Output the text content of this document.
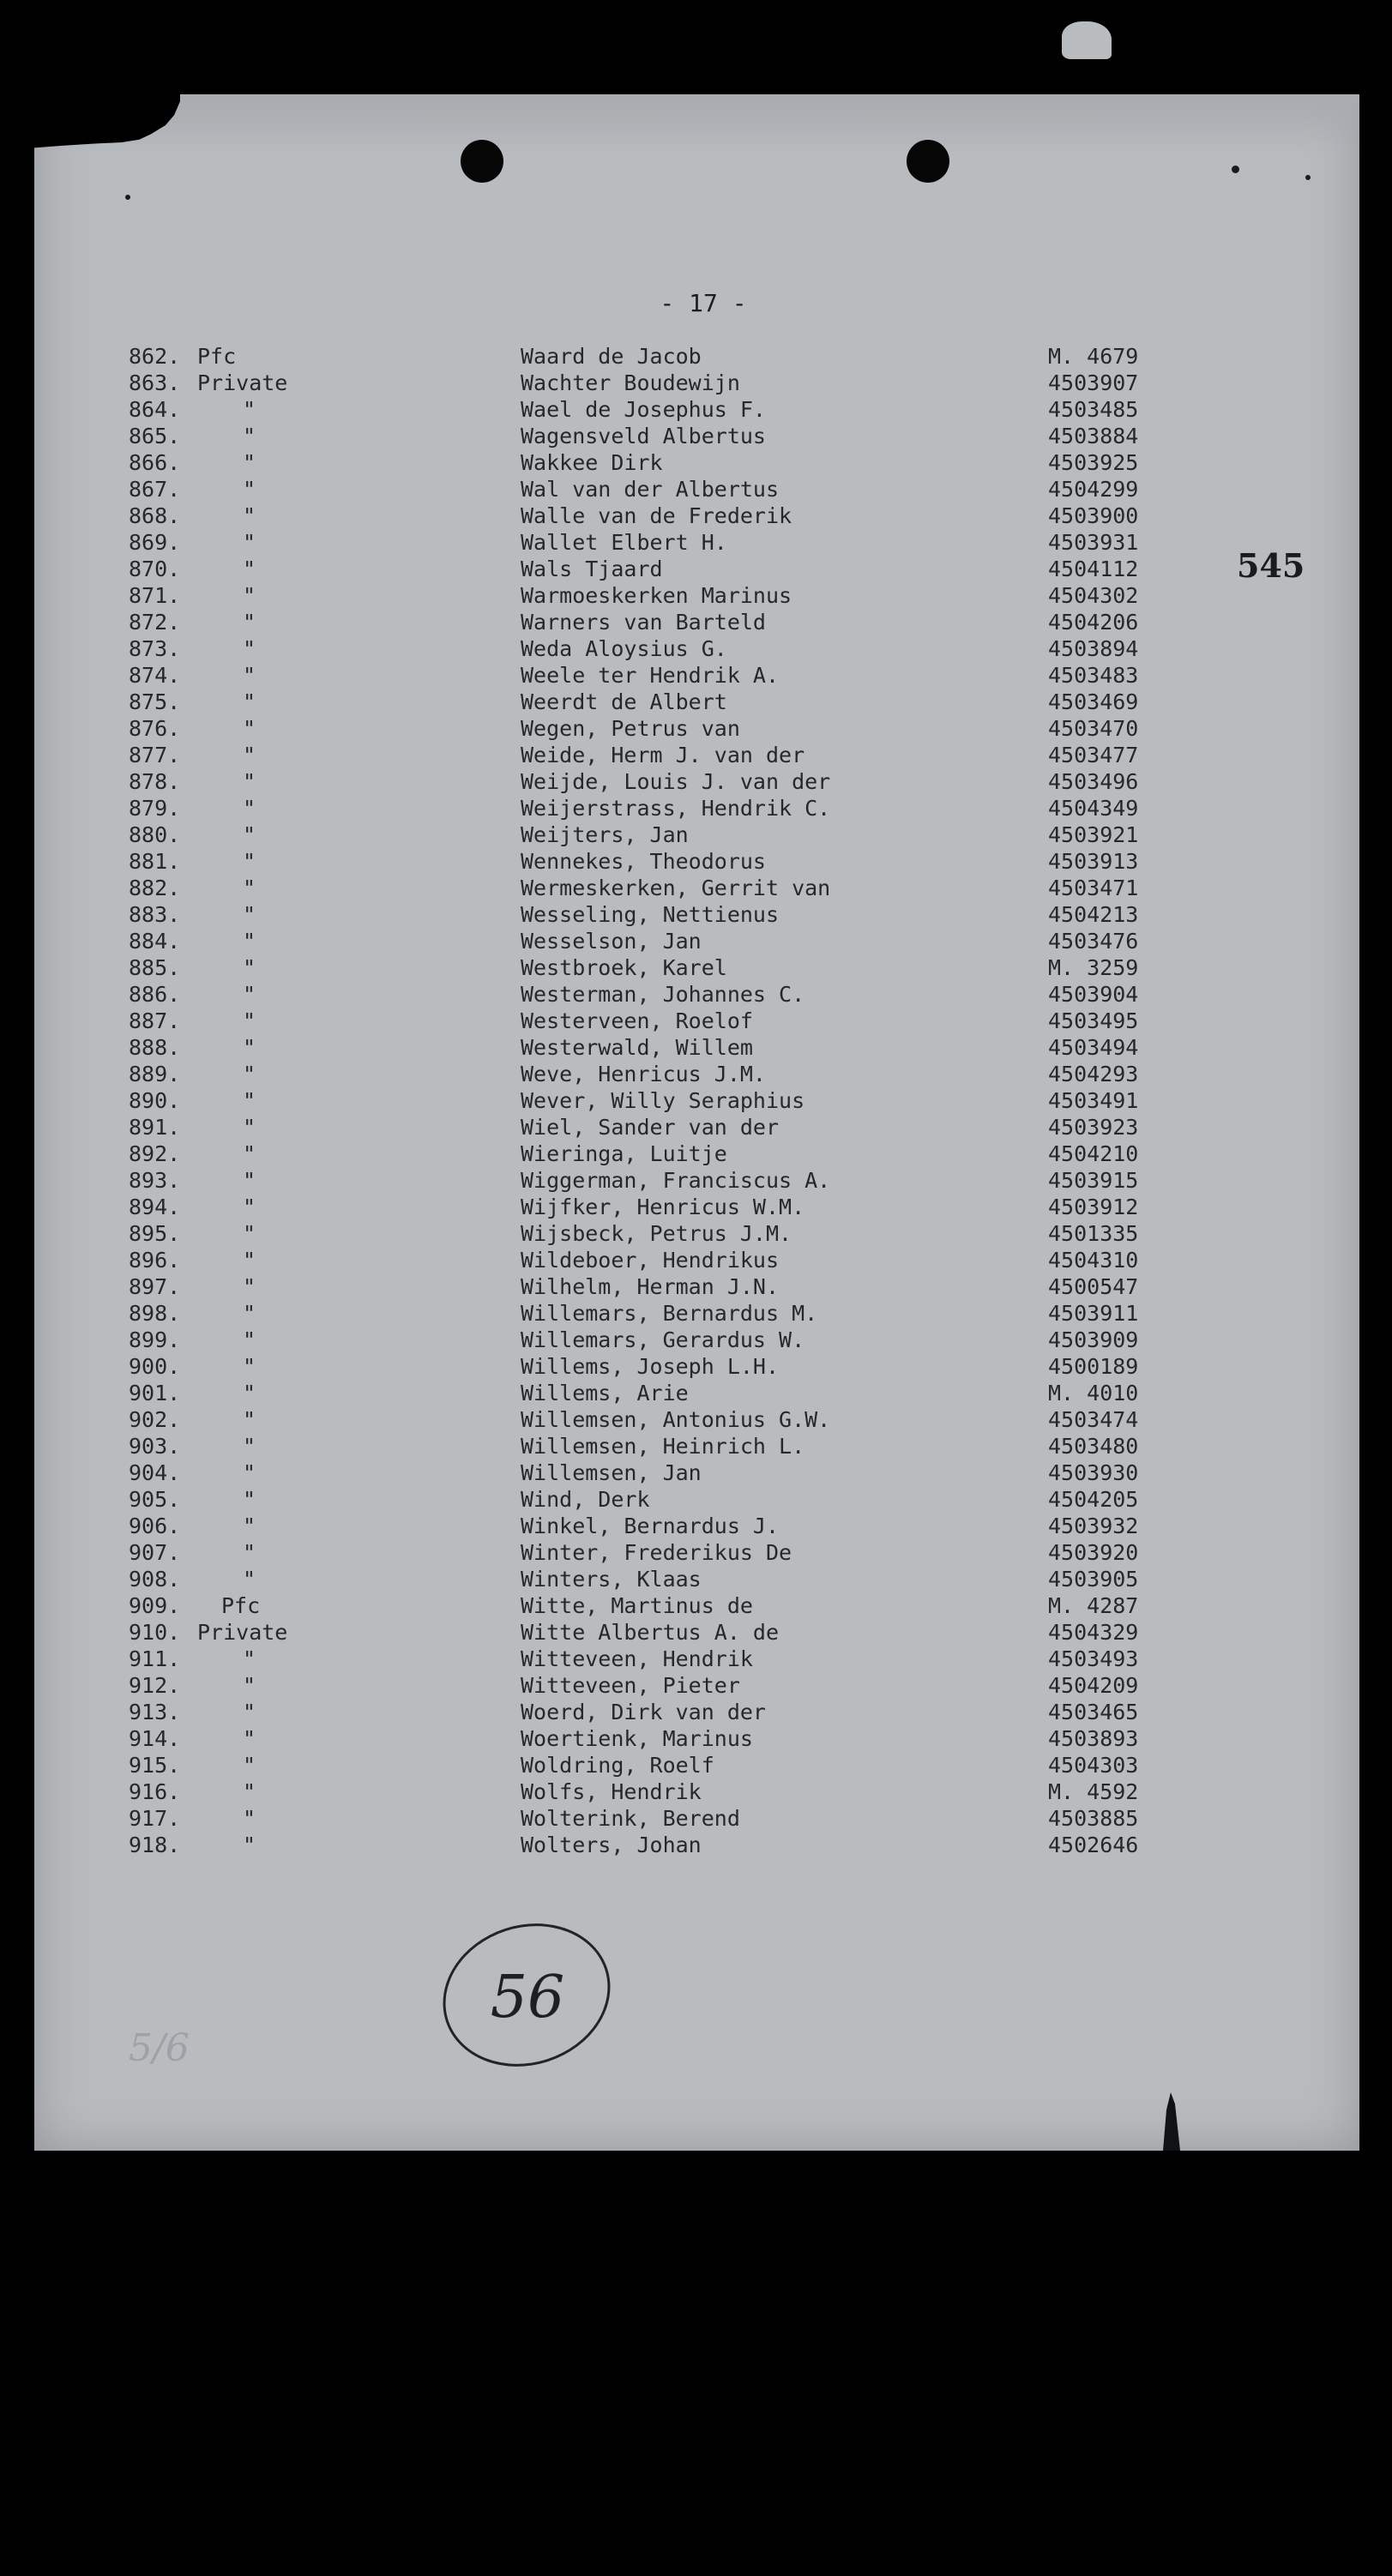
- 17 -
545
862. Pfc	Waard de Jacob	M. 4679
863. Private	Wachter Boudewijn	4503907
864.	"	Wael de Josephus F.	4503485
865.	"	Wagensveld Albertus	4503884
866.	"	Wakkee Dirk	4503925
867.	"	Wal van der Albertus	4504299
868.	"	Walle van de Frederik	4503900
869.	"	Wallet Elbert H.	4503931
870.	"	Wals Tjaard	4504112
871.	"	Warmoeskerken Marinus	4504302
872.	"	Warners van Barteld	4504206
873.	"	Weda Aloysius G.	4503894
874.	"	Weele ter Hendrik A.	4503483
875.	"	Weerdt de Albert	4503469
876.	"	Wegen, Petrus van	4503470
877.	"	Weide, Herm J. van der	4503477
878.	"	Weijde, Louis J. van der	4503496
879.	"	Weijerstrass, Hendrik C.	4504349
880.	"	Weijters, Jan	4503921
881.	"	Wennekes, Theodorus	4503913
882.	"	Wermeskerken, Gerrit van	4503471
883.	"	Wesseling, Nettienus	4504213
884.	"	Wesselson, Jan	4503476
885.	"	Westbroek, Karel	M. 3259
886.	"	Westerman, Johannes C.	4503904
887.	"	Westerveen, Roelof	4503495
888.	"	Westerwald, Willem	4503494
889.	"	Weve, Henricus J.M.	4504293
890.	"	Wever, Willy Seraphius	4503491
891.	"	Wiel, Sander van der	4503923
892.	"	Wieringa, Luitje	4504210
893.	"	Wiggerman, Franciscus A.	4503915
894.	"	Wijfker, Henricus W.M.	4503912
895.	"	Wijsbeck, Petrus J.M.	4501335
896.	"	Wildeboer, Hendrikus	4504310
897.	"	Wilhelm, Herman J.N.	4500547
898.	"	Willemars, Bernardus M.	4503911
899.	"	Willemars, Gerardus W.	4503909
900.	"	Willems, Joseph L.H.	4500189
901.	"	Willems, Arie	M. 4010
902.	"	Willemsen, Antonius G.W.	4503474
903.	"	Willemsen, Heinrich L.	4503480
904.	"	Willemsen, Jan	4503930
905.	"	Wind, Derk	4504205
906.	"	Winkel, Bernardus J.	4503932
907.	"	Winter, Frederikus De	4503920
908.	"	Winters, Klaas	4503905
909. Pfc	Witte, Martinus de	M. 4287
910. Private	Witte Albertus A. de	4504329
911.	"	Witteveen, Hendrik	4503493
912.	"	Witteveen, Pieter	4504209
913.	"	Woerd, Dirk van der	4503465
914.	"	Woertienk, Marinus	4503893
915.	"	Woldring, Roelf	4504303
916.	"	Wolfs, Hendrik	M. 4592
917.	"	Wolterink, Berend	4503885
918.	"	Wolters, Johan	4502646
56
5/6
